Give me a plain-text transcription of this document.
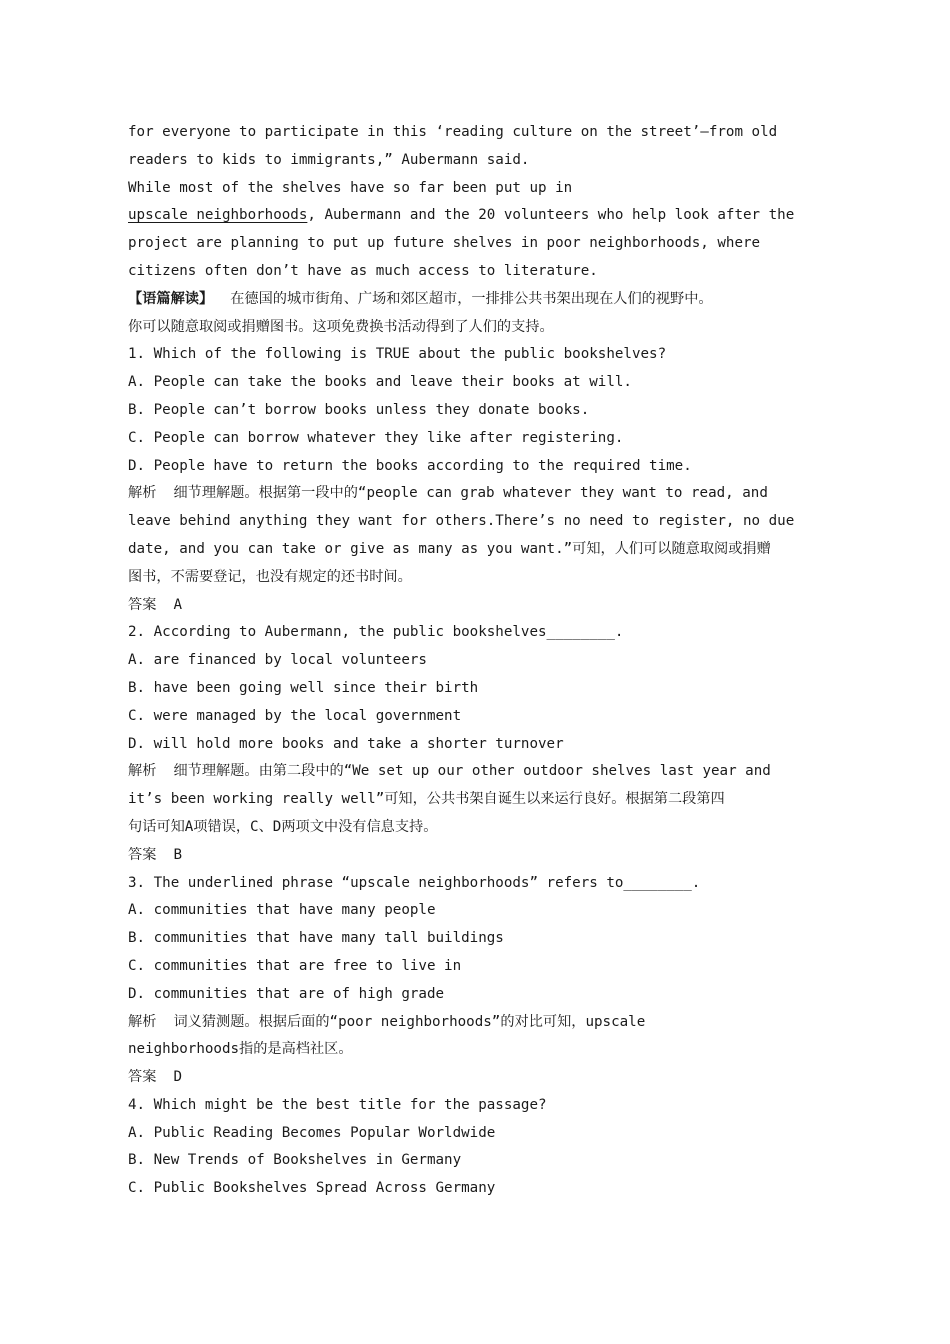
for everyone to participate in this ‘reading culture on the street’—from old
readers to kids to immigrants,” Aubermann said.
While most of the shelves have so far been put up in
upscale neighborhoods, Aubermann and the 20 volunteers who help look after the
project are planning to put up future shelves in poor neighborhoods, where
citizens often don’t have as much access to literature.
【语篇解读】  在德国的城市街角、广场和郊区超市，一排排公共书架出现在人们的视野中。
你可以随意取阅或捐赠图书。这项免费换书活动得到了人们的支持。
1. Which of the following is TRUE about the public bookshelves?
A. People can take the books and leave their books at will.
B. People can’t borrow books unless they donate books.
C. People can borrow whatever they like after registering.
D. People have to return the books according to the required time.
解析  细节理解题。根据第一段中的“people can grab whatever they want to read, and
leave behind anything they want for others.There’s no need to register, no due
date, and you can take or give as many as you want.”可知，人们可以随意取阅或捐赠
图书，不需要登记，也没有规定的还书时间。
答案  A
2. According to Aubermann, the public bookshelves________.
A. are financed by local volunteers
B. have been going well since their birth
C. were managed by the local government
D. will hold more books and take a shorter turnover
解析  细节理解题。由第二段中的“We set up our other outdoor shelves last year and
it’s been working really well”可知，公共书架自诞生以来运行良好。根据第二段第四
句话可知A项错误，C、D两项文中没有信息支持。
答案  B
3. The underlined phrase “upscale neighborhoods” refers to________.
A. communities that have many people
B. communities that have many tall buildings
C. communities that are free to live in
D. communities that are of high grade
解析  词义猜测题。根据后面的“poor neighborhoods”的对比可知，upscale
neighborhoods指的是高档社区。
答案  D
4. Which might be the best title for the passage?
A. Public Reading Becomes Popular Worldwide
B. New Trends of Bookshelves in Germany
C. Public Bookshelves Spread Across Germany
